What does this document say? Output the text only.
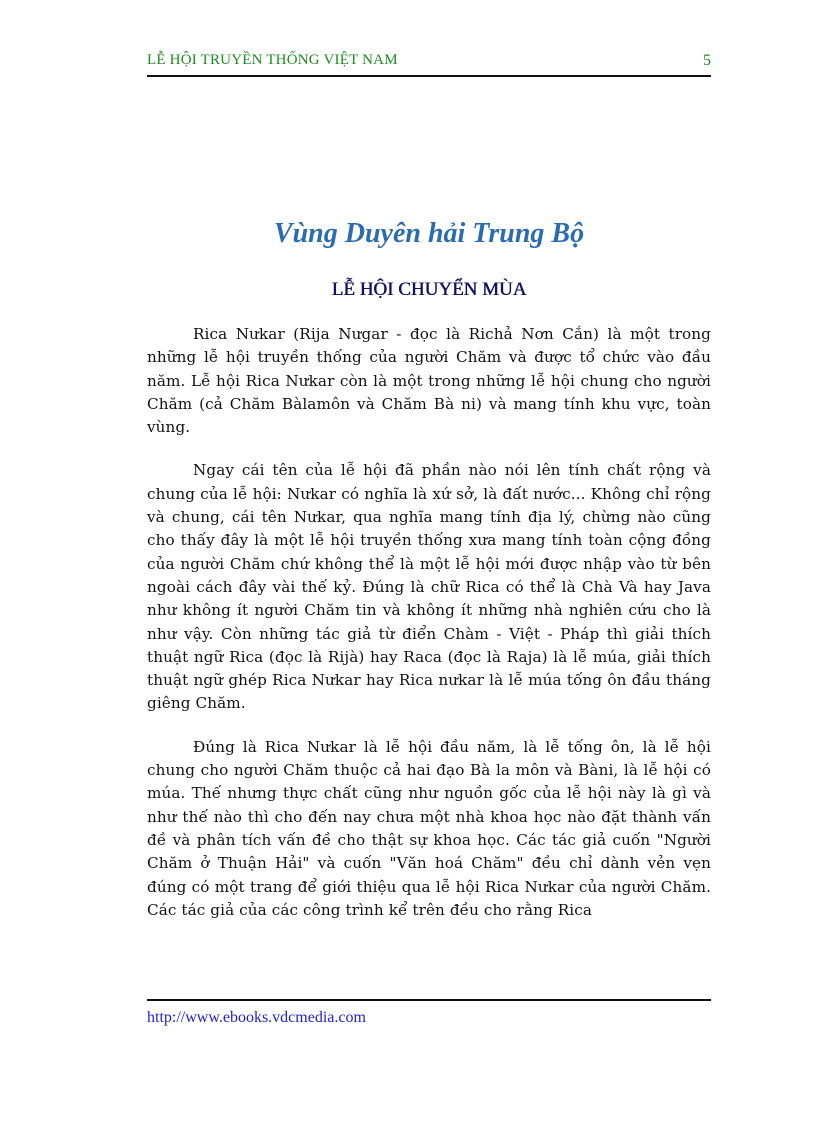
LỄ HỘI TRUYỀN THỐNG VIỆT NAM	5
Vùng Duyên hải Trung Bộ
LỄ HỘI CHUYỂN MÙA

Rica Nưkar (Rija Nưgar - đọc là Richả Nơn Cắn) là một trong những lễ hội truyền thống của người Chăm và được tổ chức vào đầu năm. Lễ hội Rica Nưkar còn là một trong những lễ hội chung cho người Chăm (cả Chăm Bàlamôn và Chăm Bà ni) và mang tính khu vực, toàn vùng.

Ngay cái tên của lễ hội đã phần nào nói lên tính chất rộng và chung của lễ hội: Nưkar có nghĩa là xứ sở, là đất nước... Không chỉ rộng và chung, cái tên Nưkar, qua nghĩa mang tính địa lý, chừng nào cũng cho thấy đây là một lễ hội truyền thống xưa mang tính toàn cộng đồng của người Chăm chứ không thể là một lễ hội mới được nhập vào từ bên ngoài cách đây vài thế kỷ. Đúng là chữ Rica có thể là Chà Và hay Java như không ít người Chăm tin và không ít những nhà nghiên cứu cho là như vậy. Còn những tác giả từ điển Chàm - Việt - Pháp thì giải thích thuật ngữ Rica (đọc là Rijà) hay Raca (đọc là Raja) là lễ múa, giải thích thuật ngữ ghép Rica Nưkar hay Rica nưkar là lễ múa tống ôn đầu tháng giêng Chăm.

Đúng là Rica Nưkar là lễ hội đầu năm, là lễ tống ôn, là lễ hội chung cho người Chăm thuộc cả hai đạo Bà la môn và Bàni, là lễ hội có múa. Thế nhưng thực chất cũng như nguồn gốc của lễ hội này là gì và như thế nào thì cho đến nay chưa một nhà khoa học nào đặt thành vấn đề và phân tích vấn đề cho thật sự khoa học. Các tác giả cuốn "Người Chăm ở Thuận Hải" và cuốn "Văn hoá Chăm" đều chỉ dành vẻn vẹn đúng có một trang để giới thiệu qua lễ hội Rica Nưkar của người Chăm. Các tác giả của các công trình kể trên đều cho rằng Rica

http://www.ebooks.vdcmedia.com
